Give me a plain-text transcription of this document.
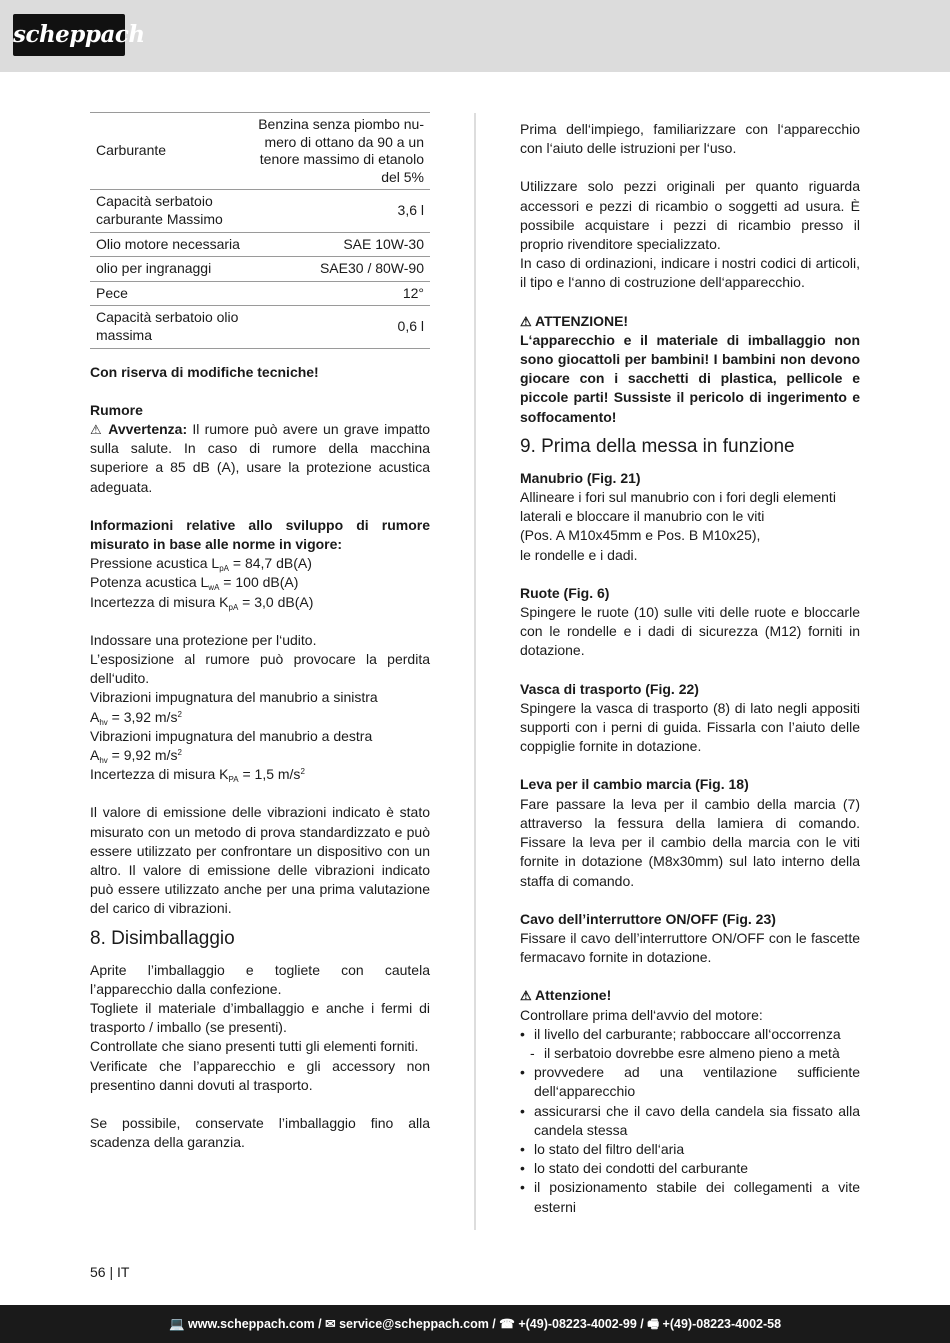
scheppach
Carburante	Benzina senza piombo nu-mero di ottano da 90 a un tenore massimo di etanolo del 5%
Capacità serbatoio carburante Massimo	3,6 l
Olio motore necessaria	SAE 10W-30
olio per ingranaggi	SAE30 / 80W-90
Pece	12°
Capacità serbatoio olio massima	0,6 l

Con riserva di modifiche tecniche!

Rumore

⚠ Avvertenza: Il rumore può avere un grave impatto sulla salute. In caso di rumore della macchina superiore a 85 dB (A), usare la protezione acustica adeguata.

Informazioni relative allo sviluppo di rumore misurato in base alle norme in vigore:

Pressione acustica $L_{pA} = 84,7$ dB(A)

Potenza acustica $L_{wA} = 100$ dB(A)

Incertezza di misura $K_{pA} = 3,0$ dB(A)

Indossare una protezione per l‘udito.

L’esposizione al rumore può provocare la perdita dell‘udito.

Vibrazioni impugnatura del manubrio a sinistra

$A_{hv} = 3,92$ $m/s^2$

Vibrazioni impugnatura del manubrio a destra

$A_{hv} = 9,92$ $m/s^2$

Incertezza di misura $K_{PA} = 1,5$ $m/s^2$

Il valore di emissione delle vibrazioni indicato è stato misurato con un metodo di prova standardizzato e può essere utilizzato per confrontare un dispositivo con un altro. Il valore di emissione delle vibrazioni indicato può essere utilizzato anche per una prima valutazione del carico di vibrazioni.

8. Disimballaggio

Aprite l’imballaggio e togliete con cautela l’apparecchio dalla confezione.

Togliete il materiale d’imballaggio e anche i fermi di trasporto / imballo (se presenti).

Controllate che siano presenti tutti gli elementi forniti.

Verificate che l’apparecchio e gli accessory non presentino danni dovuti al trasporto.

Se possibile, conservate l’imballaggio fino alla scadenza della garanzia.

Prima dell‘impiego, familiarizzare con l‘apparecchio con l‘aiuto delle istruzioni per l‘uso.

Utilizzare solo pezzi originali per quanto riguarda accessori e pezzi di ricambio o soggetti ad usura. È possibile acquistare i pezzi di ricambio presso il proprio rivenditore specializzato.

In caso di ordinazioni, indicare i nostri codici di articoli, il tipo e l‘anno di costruzione dell‘apparecchio.

⚠ ATTENZIONE!

L‘apparecchio e il materiale di imballaggio non sono giocattoli per bambini! I bambini non devono giocare con i sacchetti di plastica, pellicole e piccole parti! Sussiste il pericolo di ingerimento e soffocamento!

9. Prima della messa in funzione

Manubrio (Fig. 21)

Allineare i fori sul manubrio con i fori degli elementi

laterali e bloccare il manubrio con le viti

(Pos. A M10x45mm e Pos. B M10x25),

le rondelle e i dadi.

Ruote (Fig. 6)

Spingere le ruote (10) sulle viti delle ruote e bloccarle con le rondelle e i dadi di sicurezza (M12) forniti in dotazione.

Vasca di trasporto (Fig. 22)

Spingere la vasca di trasporto (8) di lato negli appositi supporti con i perni di guida. Fissarla con l’aiuto delle coppiglie fornite in dotazione.

Leva per il cambio marcia (Fig. 18)

Fare passare la leva per il cambio della marcia (7) attraverso la fessura della lamiera di comando. Fissare la leva per il cambio della marcia con le viti fornite in dotazione (M8x30mm) sul lato interno della staffa di comando.

Cavo dell’interruttore ON/OFF (Fig. 23)

Fissare il cavo dell’interruttore ON/OFF con le fascette fermacavo fornite in dotazione.

⚠ Attenzione!

Controllare prima dell‘avvio del motore:

• il livello del carburante; rabboccare all‘occorrenza
- il serbatoio dovrebbe esre almeno pieno a metà
• provvedere ad una ventilazione sufficiente dell‘apparecchio
• assicurarsi che il cavo della candela sia fissato alla candela stessa
• lo stato del filtro dell‘aria
• lo stato dei condotti del carburante
• il posizionamento stabile dei collegamenti a vite esterni
56 | IT
💻 www.scheppach.com / ✉ service@scheppach.com / ☎ +(49)-08223-4002-99 / 🖷 +(49)-08223-4002-58
